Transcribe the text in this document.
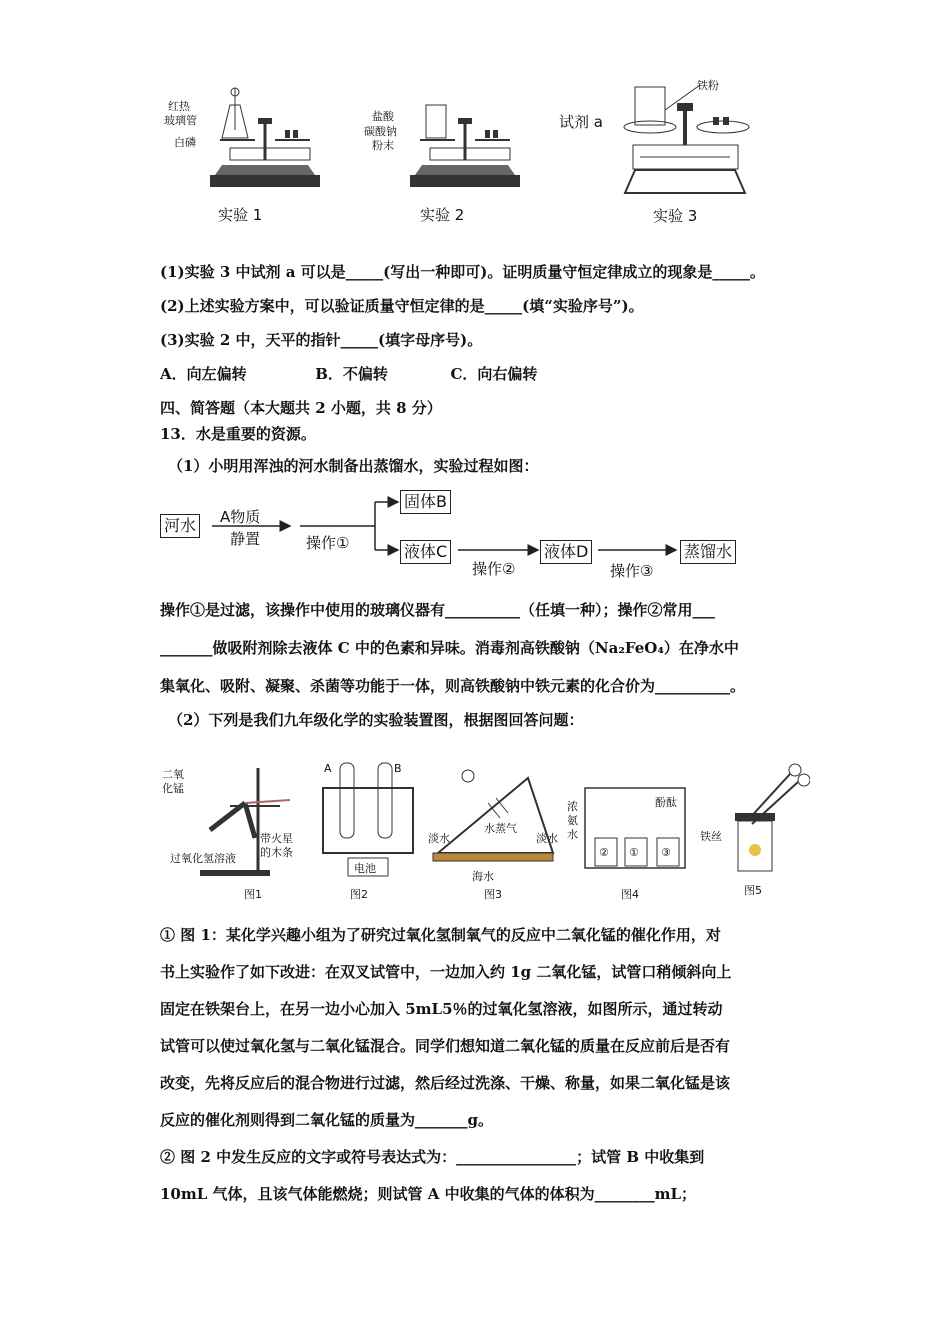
红热
玻璃管
白磷
实验 1
盐酸
碳酸钠
粉末
实验 2
试剂 a
铁粉
实验 3
(1)实验 3 中试剂 a 可以是_____(写出一种即可)。证明质量守恒定律成立的现象是_____。
(2)上述实验方案中，可以验证质量守恒定律的是_____(填“实验序号”)。
(3)实验 2 中，天平的指针_____(填字母序号)。
A．向左偏转	B．不偏转	C．向右偏转
四、简答题（本大题共 2 小题，共 8 分）
13．水是重要的资源。
（1）小明用浑浊的河水制备出蒸馏水，实验过程如图：
河水 A物质
静置	操作①
固体B
液体C
操作②
液体D
操作③
蒸馏水
操作①是过滤，该操作中使用的玻璃仪器有__________（任填一种）；操作②常用___
_______做吸附剂除去液体 C 中的色素和异味。消毒剂高铁酸钠（Na₂FeO₄）在净水中
集氧化、吸附、凝聚、杀菌等功能于一体，则高铁酸钠中铁元素的化合价为__________。
（2）下列是我们九年级化学的实验装置图，根据图回答问题：
二氧
化锰
带火星
的木条
过氧化氢溶液
图1
A	B
电池
图2
淡水
水蒸气
淡水
海水
图3
浓
氨
水
酚酞
② ① ③
图4
铁丝
图5
① 图 1：某化学兴趣小组为了研究过氧化氢制氧气的反应中二氧化锰的催化作用，对
书上实验作了如下改进：在双叉试管中，一边加入约 1g 二氧化锰，试管口稍倾斜向上
固定在铁架台上，在另一边小心加入 5mL5％的过氧化氢溶液，如图所示，通过转动
试管可以使过氧化氢与二氧化锰混合。同学们想知道二氧化锰的质量在反应前后是否有
改变，先将反应后的混合物进行过滤，然后经过洗涤、干燥、称量，如果二氧化锰是该
反应的催化剂则得到二氧化锰的质量为_______g。
② 图 2 中发生反应的文字或符号表达式为：________________；试管 B 中收集到
10mL 气体，且该气体能燃烧；则试管 A 中收集的气体的体积为________mL；
